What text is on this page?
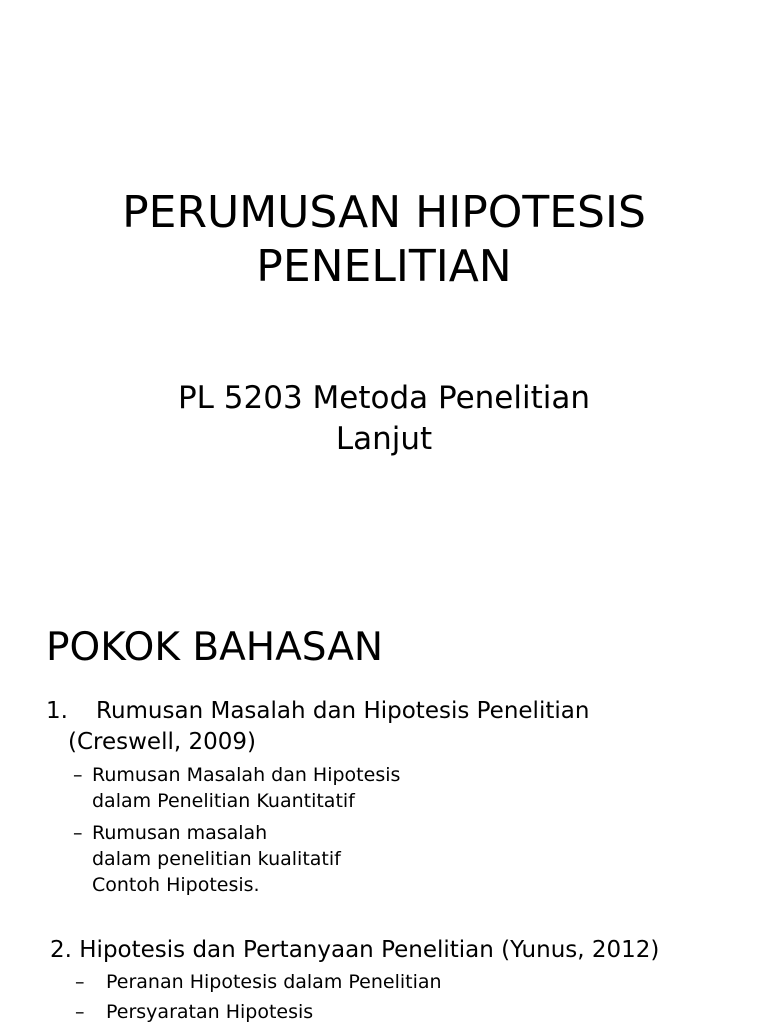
PERUMUSAN HIPOTESIS
PENELITIAN
PL 5203 Metoda Penelitian
Lanjut
POKOK BAHASAN

1. Rumusan Masalah dan Hipotesis Penelitian

(Creswell, 2009)

– Rumusan Masalah dan Hipotesis

dalam Penelitian Kuantitatif

– Rumusan masalah

dalam penelitian kualitatif

Contoh Hipotesis.

2. Hipotesis dan Pertanyaan Penelitian (Yunus, 2012)

– Peranan Hipotesis dalam Penelitian

– Persyaratan Hipotesis
